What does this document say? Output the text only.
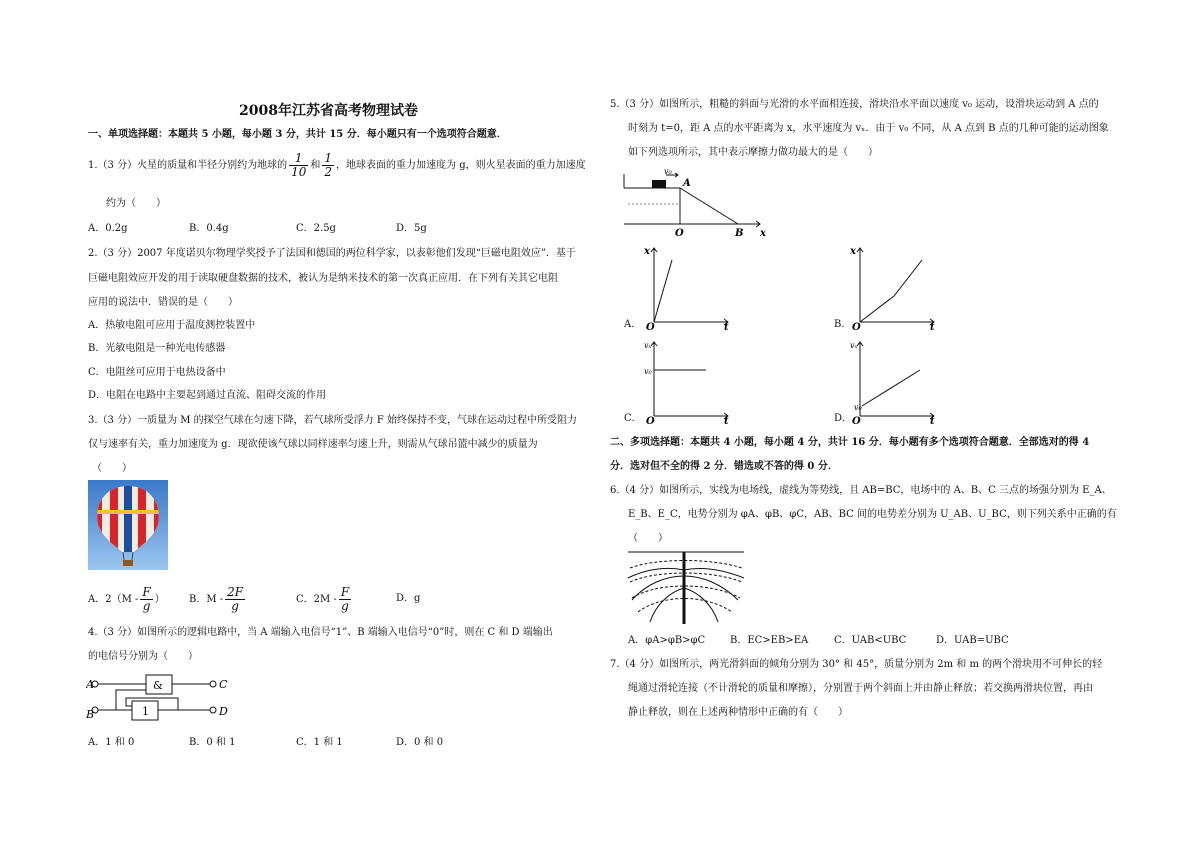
2008年江苏省高考物理试卷
一、单项选择题：本题共 5 小题，每小题 3 分，共计 15 分．每小题只有一个选项符合题意．
1.（3 分）火星的质量和半径分别约为地球的 $\frac{1}{10}$ 和 $\frac{1}{2}$ ，地球表面的重力加速度为 g，则火星表面的重力加速度
约为（　　）
A．0.2g	B．0.4g	C．2.5g	D．5g
2.（3 分）2007 年度诺贝尔物理学奖授予了法国和德国的两位科学家，以表彰他们发现“巨磁电阻效应”．基于
巨磁电阻效应开发的用于读取硬盘数据的技术，被认为是纳米技术的第一次真正应用．在下列有关其它电阻
应用的说法中．错误的是（　　）
A．热敏电阻可应用于温度测控装置中
B．光敏电阻是一种光电传感器
C．电阻丝可应用于电热设备中
D．电阻在电路中主要起到通过直流、阻碍交流的作用
3.（3 分）一质量为 M 的探空气球在匀速下降，若气球所受浮力 F 始终保持不变，气球在运动过程中所受阻力
仅与速率有关，重力加速度为 g．现欲使该气球以同样速率匀速上升，则需从气球吊篮中减少的质量为
（　　）
A．$2(M - \frac{F}{g}$ ） B．M - $\frac{2F}{g}$	C．$2M - \frac{F}{g}$	D．g
4.（3 分）如图所示的逻辑电路中，当 A 端输入电信号“1”、B 端输入电信号“0”时，则在 C 和 D 端输出
的电信号分别为（　　）
A
B
C
D
&
1
A．1 和 0	B．0 和 1	C．1 和 1	D．0 和 0
5.（3 分）如图所示，粗糙的斜面与光滑的水平面相连接，滑块沿水平面以速度 v₀ 运动，设滑块运动到 A 点的
时刻为 t=0，距 A 点的水平距离为 x，水平速度为 vₓ．由于 v₀ 不同，从 A 点到 B 点的几种可能的运动图象
如下列选项所示，其中表示摩擦力做功最大的是（　　）
v₀
A
O	B x
A．
x
O	t	B．
x
O	t
C．
vₓ
v₀
O	t	D．
vₓ
v₀
O	t
二、多项选择题：本题共 4 小题，每小题 4 分，共计 16 分．每小题有多个选项符合题意．全部选对的得 4
分．选对但不全的得 2 分．错选或不答的得 0 分．
6.（4 分）如图所示，实线为电场线，虚线为等势线，且 AB=BC，电场中的 A、B、C 三点的场强分别为 E_A、
E_B、E_C，电势分别为 φA、φB、φC，AB、BC 间的电势差分别为 U_AB、U_BC，则下列关系中正确的有
（　　）
A．φA>φB>φC B．EC>EB>EA	C．UAB<UBC	D．UAB=UBC
7.（4 分）如图所示，两光滑斜面的倾角分别为 30° 和 45°，质量分别为 2m 和 m 的两个滑块用不可伸长的轻
绳通过滑轮连接（不计滑轮的质量和摩擦），分别置于两个斜面上并由静止释放；若交换两滑块位置，再由
静止释放，则在上述两种情形中正确的有（　　）
